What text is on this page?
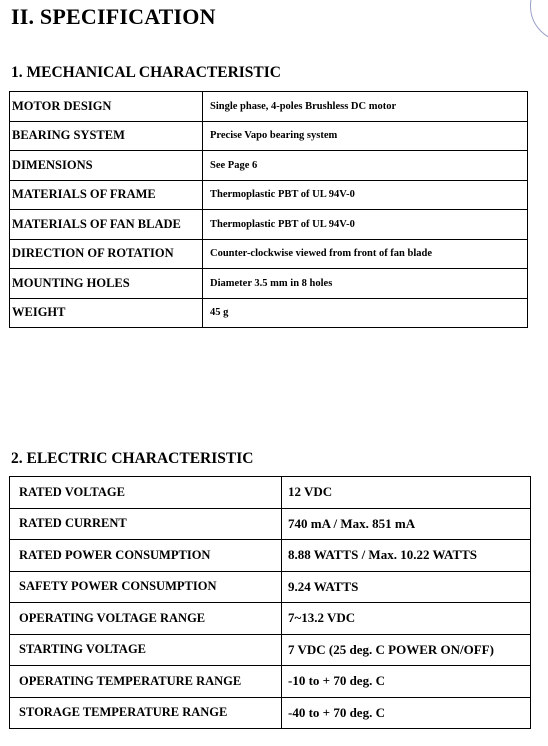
II. SPECIFICATION
1. MECHANICAL CHARACTERISTIC
MOTOR DESIGN	Single phase, 4-poles Brushless DC motor
BEARING SYSTEM	Precise Vapo bearing system
DIMENSIONS	See Page 6
MATERIALS OF FRAME	Thermoplastic PBT of UL 94V-0
MATERIALS OF FAN BLADE	Thermoplastic PBT of UL 94V-0
DIRECTION OF ROTATION	Counter-clockwise viewed from front of fan blade
MOUNTING HOLES	Diameter 3.5 mm in 8 holes
WEIGHT	45 g
2. ELECTRIC CHARACTERISTIC
RATED VOLTAGE	12 VDC
RATED CURRENT	740 mA / Max. 851 mA
RATED POWER CONSUMPTION	8.88 WATTS / Max. 10.22 WATTS
SAFETY POWER CONSUMPTION	9.24 WATTS
OPERATING VOLTAGE RANGE	7~13.2 VDC
STARTING VOLTAGE	7 VDC (25 deg. C POWER ON/OFF)
OPERATING TEMPERATURE RANGE	-10 to + 70 deg. C
STORAGE TEMPERATURE RANGE	-40 to + 70 deg. C
